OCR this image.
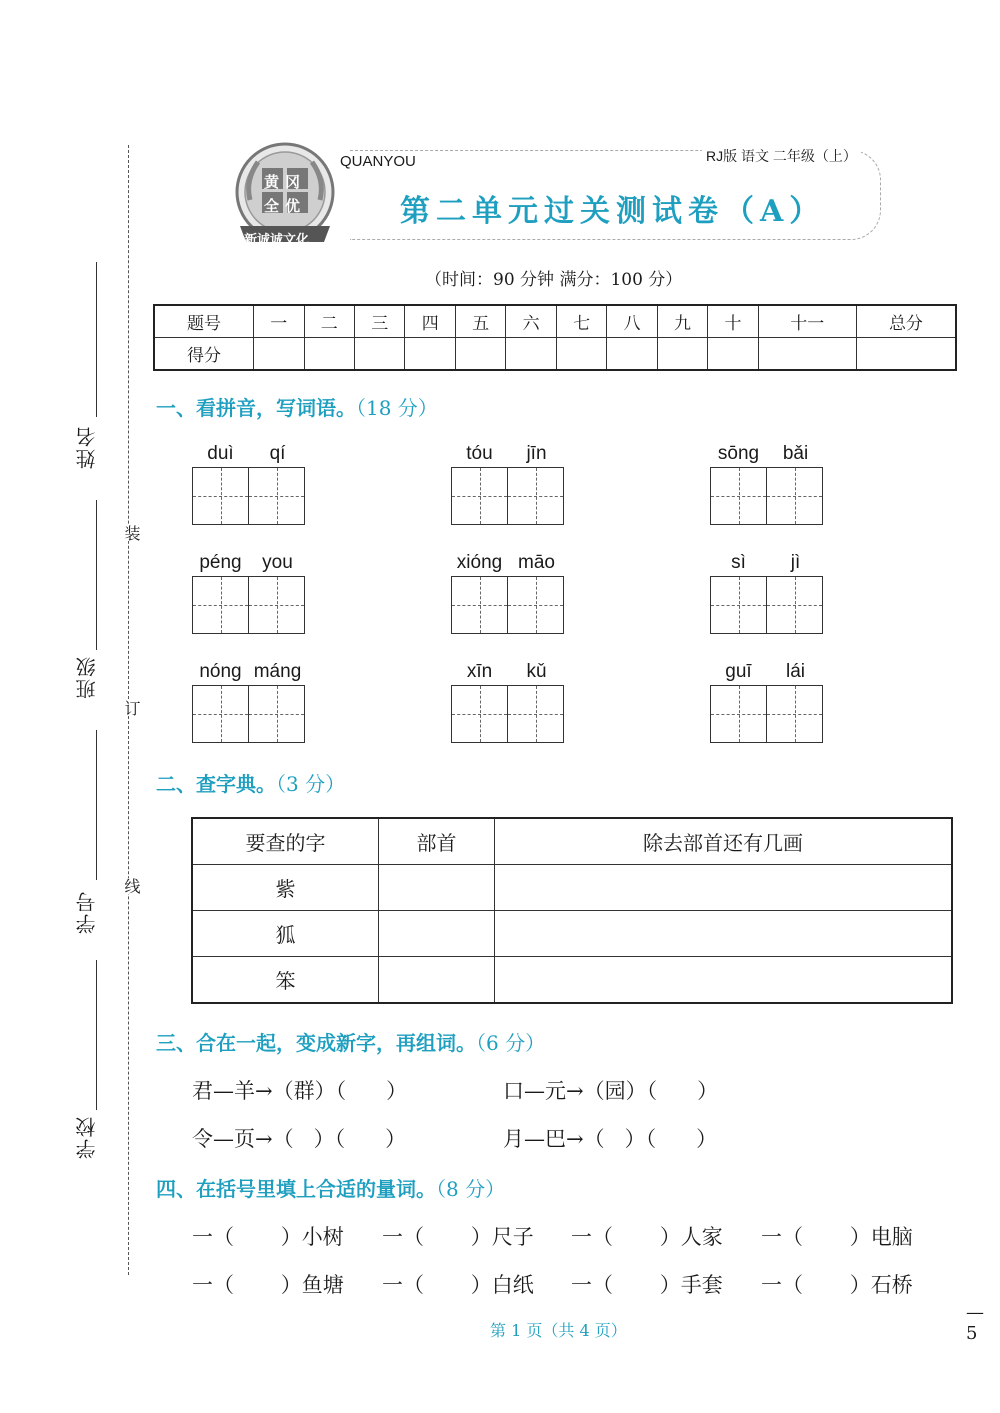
姓名
班级
学号
学校
装
订
线
黄冈
全优
新诚诚文化
QUANYOU	RJ版 语文 二年级（上）
第二单元过关测试卷（A）
（时间：90 分钟 满分：100 分）
题号	一	二	三	四	五	六	七	八	九	十	十一	总分
得分												
一、看拼音，写词语。（18 分）
duì	qí	tóu	jīn	sōng	bǎi
péng	you	xióng māo	sì	jì
nóng máng	xīn	kǔ	guī	lái
二、查字典。（3 分）
要查的字	部首	除去部首还有几画
紫		
狐		
笨		
三、合在一起，变成新字，再组词。（6 分）
君—羊→（群）（      ）	口—元→（园）（      ）
令—页→（   ）（      ）	月—巴→（   ）（      ）
四、在括号里填上合适的量词。（8 分）
一（       ）小树 一（       ）尺子 一（       ）人家 一（       ）电脑
一（       ）鱼塘 一（       ）白纸 一（       ）手套 一（       ）石桥
第 1 页（共 4 页）
— 5
